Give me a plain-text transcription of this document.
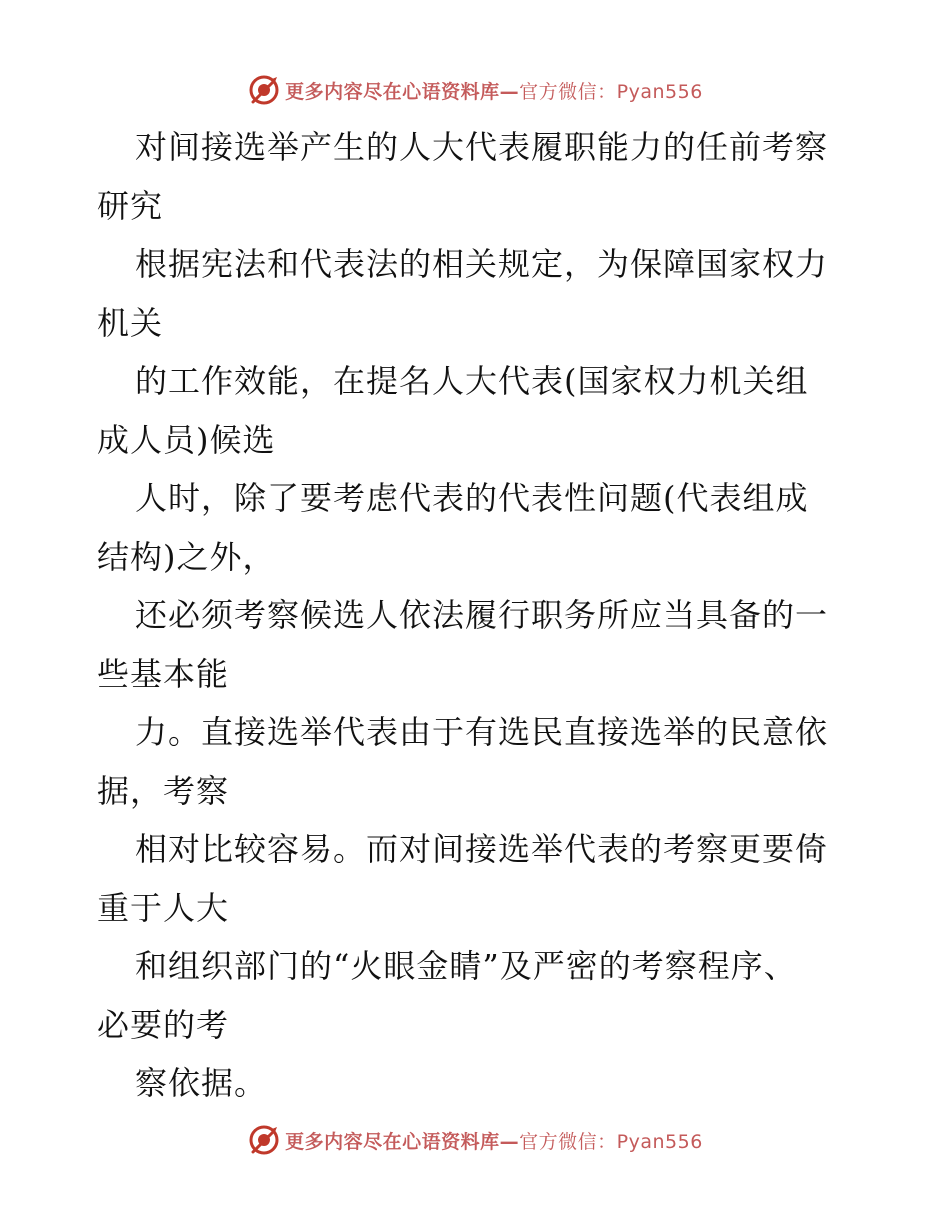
更多内容尽在心语资料库—官方微信：Pyan556
对间接选举产生的人大代表履职能力的任前考察
研究
根据宪法和代表法的相关规定，为保障国家权力
机关
的工作效能，在提名人大代表(国家权力机关组
成人员)候选
人时，除了要考虑代表的代表性问题(代表组成
结构)之外，
还必须考察候选人依法履行职务所应当具备的一
些基本能
力。直接选举代表由于有选民直接选举的民意依
据，考察
相对比较容易。而对间接选举代表的考察更要倚
重于人大
和组织部门的“火眼金睛”及严密的考察程序、
必要的考
察依据。
更多内容尽在心语资料库—官方微信：Pyan556
